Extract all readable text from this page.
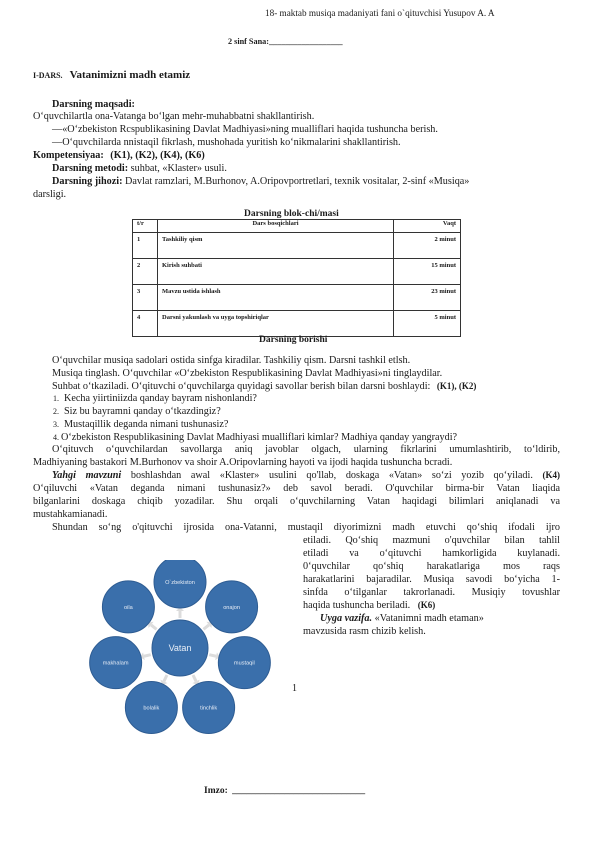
18- maktab musiqa madaniyati fani o`qituvchisi Yusupov A. A
2 sinf Sana:__________________
I-DARS. Vatanimizni madh etamiz
Darsning maqsadi:
O‘quvchilartla ona-Vatanga bo‘lgan mehr-muhabbatni shakllantirish.
—«O‘zbekiston Rcspublikasining Davlat Madhiyasi»ning mualliflari haqida tushuncha berish.
—O‘quvchilarda nnistaqil fikrlash, mushohada yuritish ko‘nikmalarini shakllantirish.
Kompetensiyaa: (K1), (K2), (K4), (K6)
Darsning metodi: suhbat, «Klaster» usuli.
Darsning jihozi: Davlat ramzlari, M.Burhonov, A.Oripovportretlari, texnik vositalar, 2-sinf «Musiqa»
darsligi.
Darsning blok-chi/masi
t/r	Dars bosqichlari	Vaqt
1	Tashkiliy qism	2 minut
2	Kirish suhbati	15 minut
3	Mavzu ustida ishlash	23 minut
4	Darsni yakunlash va uyga topshiriqlar	5 minut
Darsning borishi
O‘quvchilar musiqa sadolari ostida sinfga kiradilar. Tashkiliy qism. Darsni tashkil etlsh.
Musiqa tinglash. O‘quvchilar «O‘zbekiston Respublikasining Davlat Madhiyasi»ni tinglaydilar.
Suhbat o‘tkaziladi. O‘qituvchi o‘quvchilarga quyidagi savollar berish bilan darsni boshlaydi: (K1), (K2)
1. Kecha yiirtiniizda qanday bayram nishonlandi?
2. Siz bu bayramni qanday o‘tkazdingiz?
3. Mustaqillik deganda nimani tushunasiz?
4. O‘zbekiston Respublikasining Davlat Madhiyasi mualliflari kimlar? Madhiya qanday yangraydi?
O‘qituvch o‘quvchilardan savollarga aniq javoblar olgach, ularning fikrlarini umumlashtirib, to‘ldirib,
Madhiyaning bastakori M.Burhonov va shoir A.Oripovlarning hayoti va ijodi haqida tushuncha bcradi.
Yahgi mavzuni boshlashdan awal «Klaster» usulini qo'llab, doskaga «Vatan» so‘zi yozib qo‘yiladi. (K4)
O‘qiluvchi «Vatan deganda nimani tushunasiz?» deb savol beradi. O'quvchilar birma-bir Vatan liaqida
bilganlarini doskaga chiqib yozadilar. Shu orqali o‘quvchilarning Vatan haqidagi bilimlari aniqlanadi va
mustahkamianadi.
Shundan so‘ng o'qituvchi ijrosida ona-Vatanni, mustaqil diyorimizni madh etuvchi qo‘shiq ifodali ijro
etiladi. Qo‘shiq mazmuni o'quvchilar bilan tahlil
etiladi va o‘qituvchi hamkorligida kuylanadi.
0‘quvchilar qo‘shiq harakatlariga mos raqs
harakatlarini bajaradilar. Musiqa savodi bo‘yicha 1-
sinfda o‘tilganlar takrorlanadi. Musiqiy tovushlar
haqida tushuncha beriladi. (K6)
Uyga vazifa. «Vatanimni madh etaman»
mavzusida rasm chizib kelish.
O`zbekiston
oila
makhalam
bolalik	tinchlik
mustaqil
onajon
Vatan
1
Imzo: ____________________________
